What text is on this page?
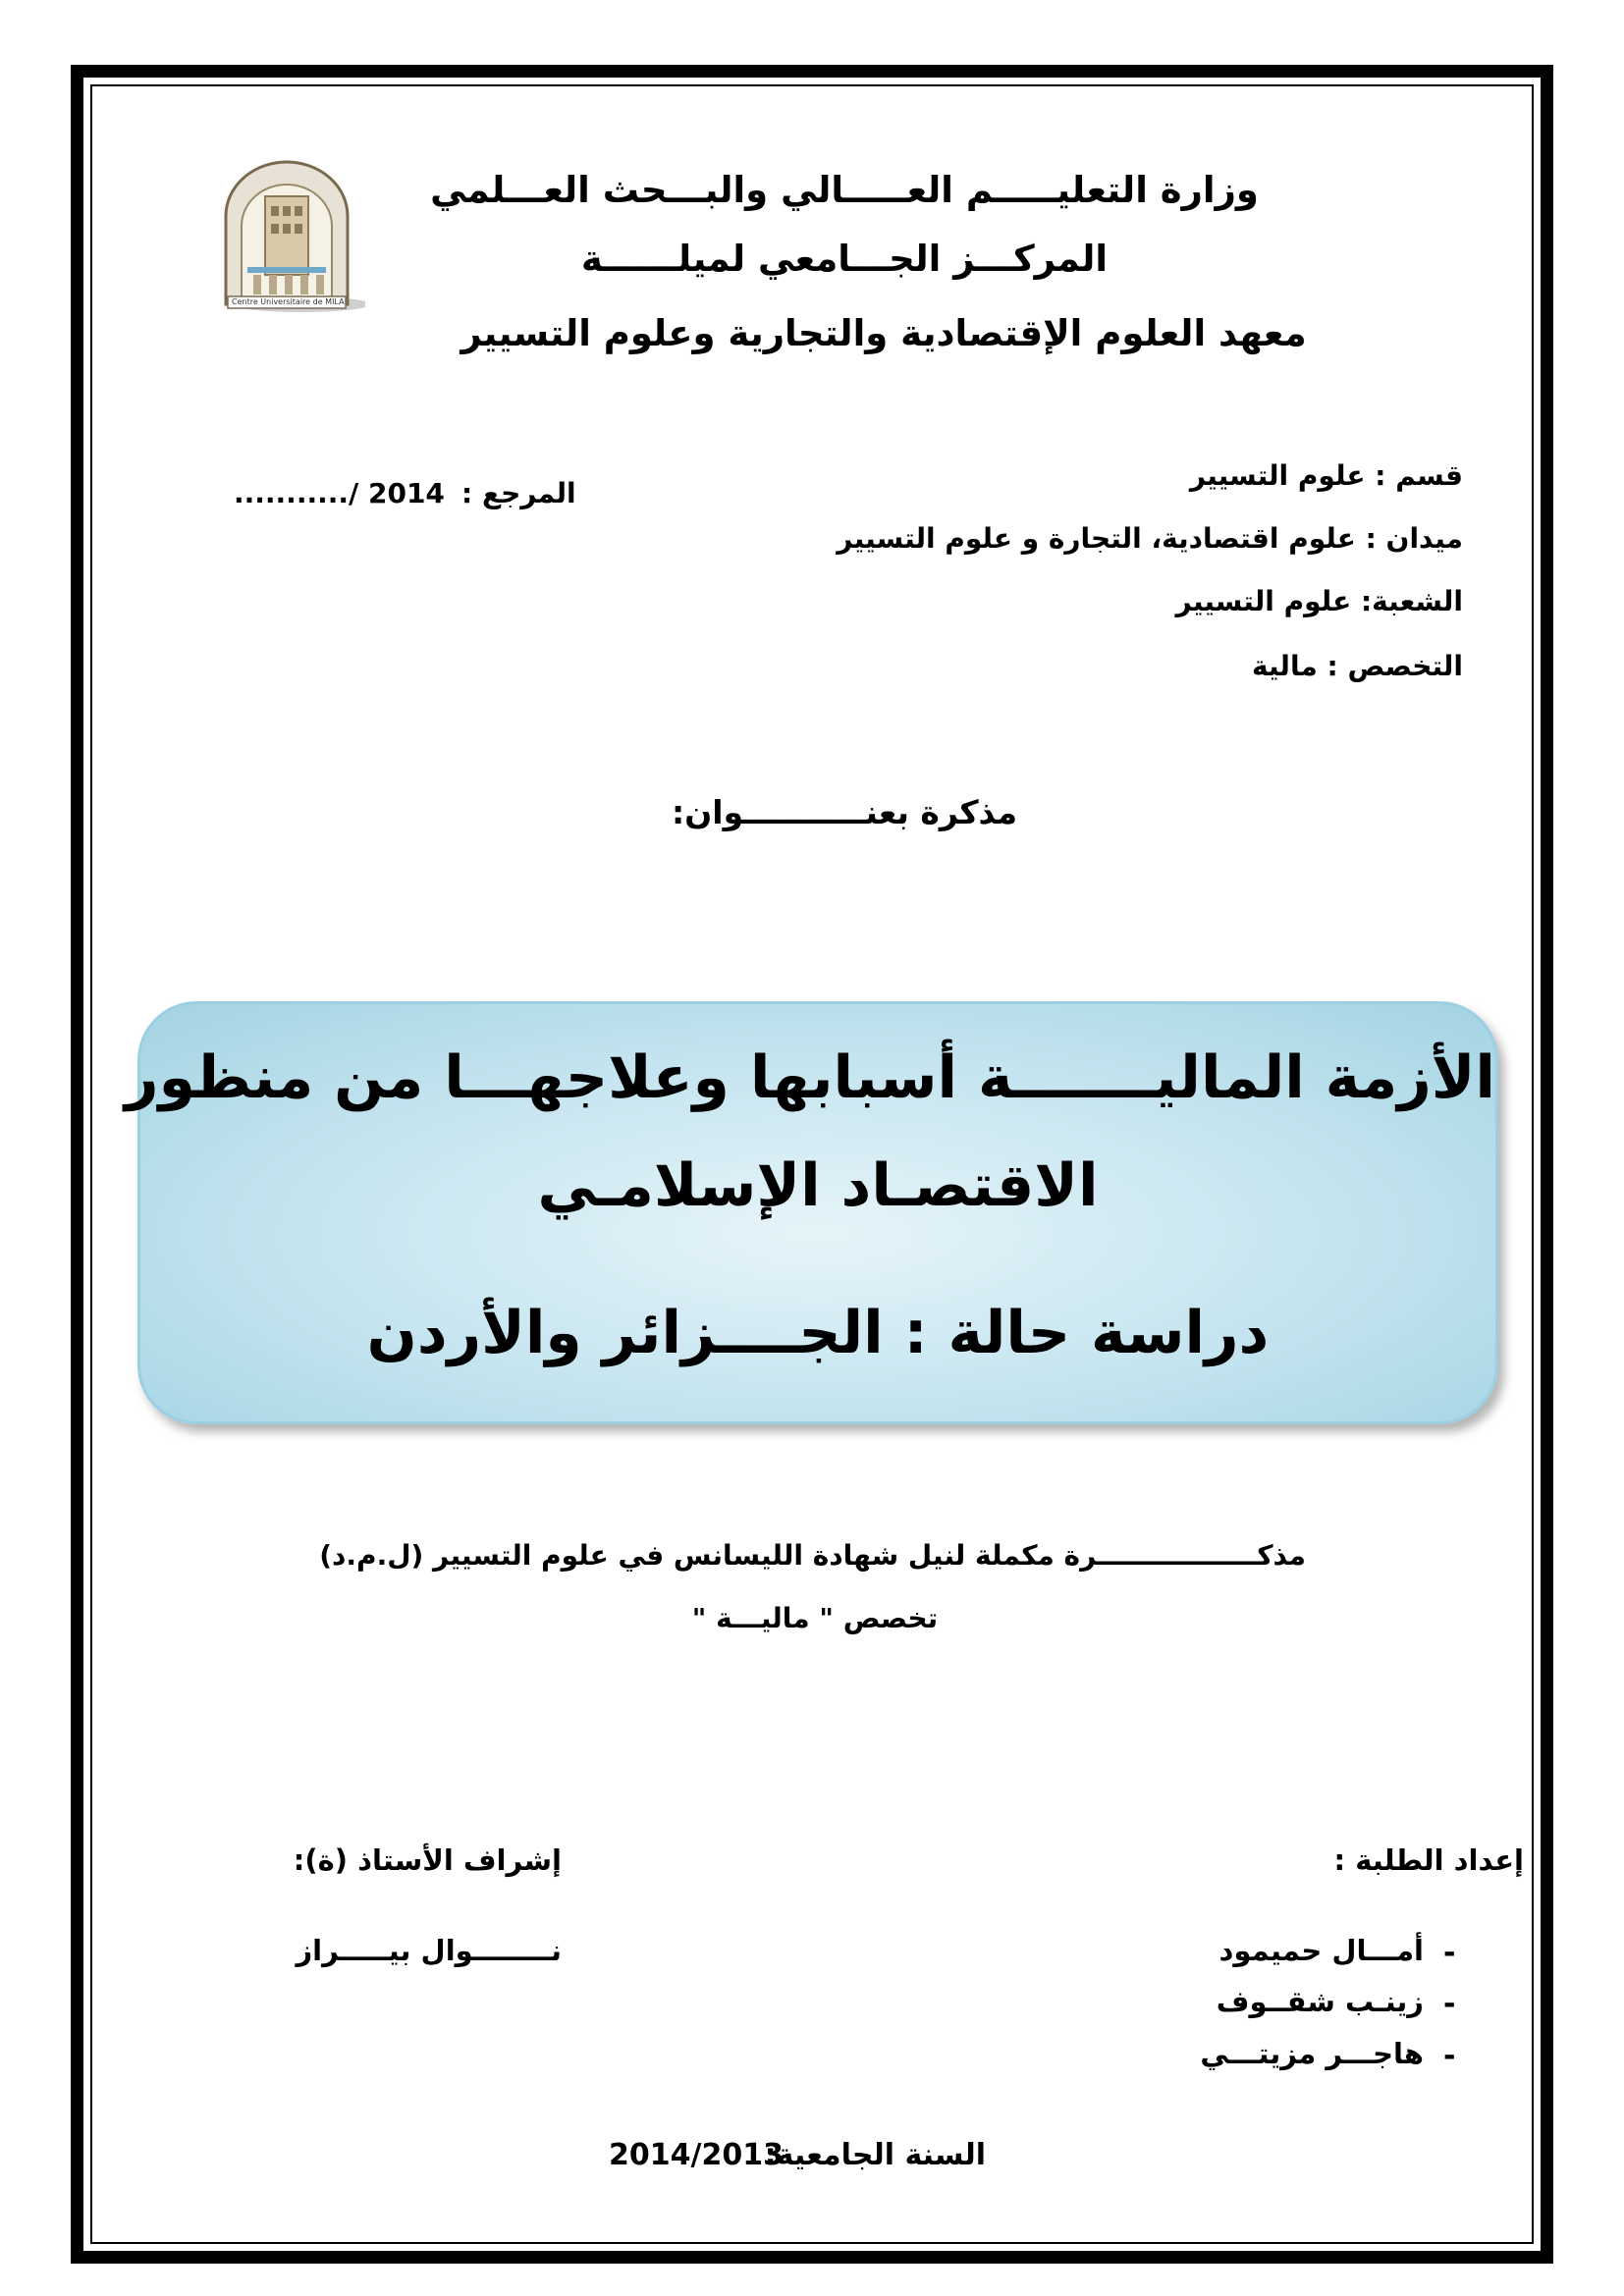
Centre Universitaire de MILA
وزارة التعليـــــم العـــــالي والبـــحث العـــلمي
المركـــز الجـــامعي لميلــــــة
معهد العلوم الإقتصادية والتجارية وعلوم التسيير
المرجع :
.........../ 2014
قسم : علوم التسيير
ميدان : علوم اقتصادية، التجارة و علوم التسيير
الشعبة: علوم التسيير
التخصص : مالية
مذكرة بعنـــــــــــوان:
الأزمة الماليـــــــة أسبابها وعلاجهـــا من منظور
الاقتصـاد الإسلامـي
دراسة حالة : الجــــزائر والأردن
مذكـــــــــــــــــرة مكملة لنيل شهادة الليسانس في علوم التسيير (ل.م.د)
تخصص " ماليـــة "
إعداد الطلبة :
أمـــال حميمود -
زينـب شقــوف -
هاجـــر مزيتـــي -
إشراف الأستاذ (ة):
نــــــــوال بيـــــراز
السنة الجامعية:
2014/2013
